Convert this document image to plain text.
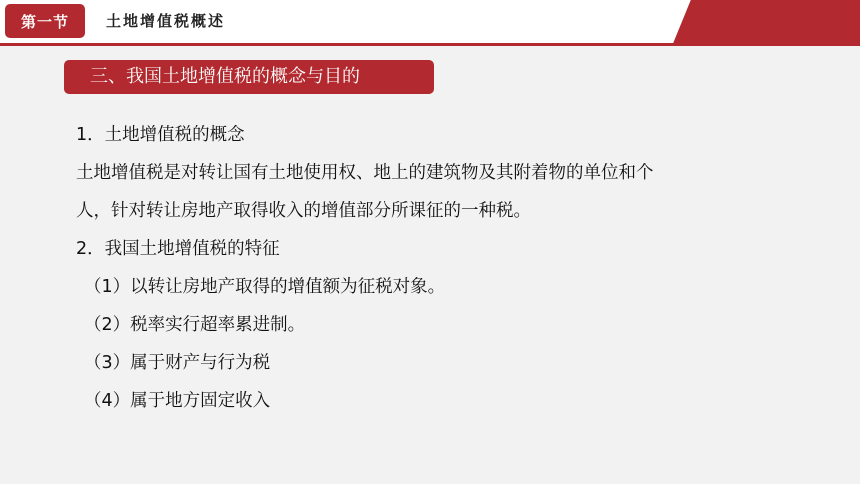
第一节	土地增值税概述
三、我国土地增值税的概念与目的
1．土地增值税的概念
土地增值税是对转让国有土地使用权、地上的建筑物及其附着物的单位和个
人，针对转让房地产取得收入的增值部分所课征的一种税。
2．我国土地增值税的特征
（1）以转让房地产取得的增值额为征税对象。
（2）税率实行超率累进制。
（3）属于财产与行为税
（4）属于地方固定收入
